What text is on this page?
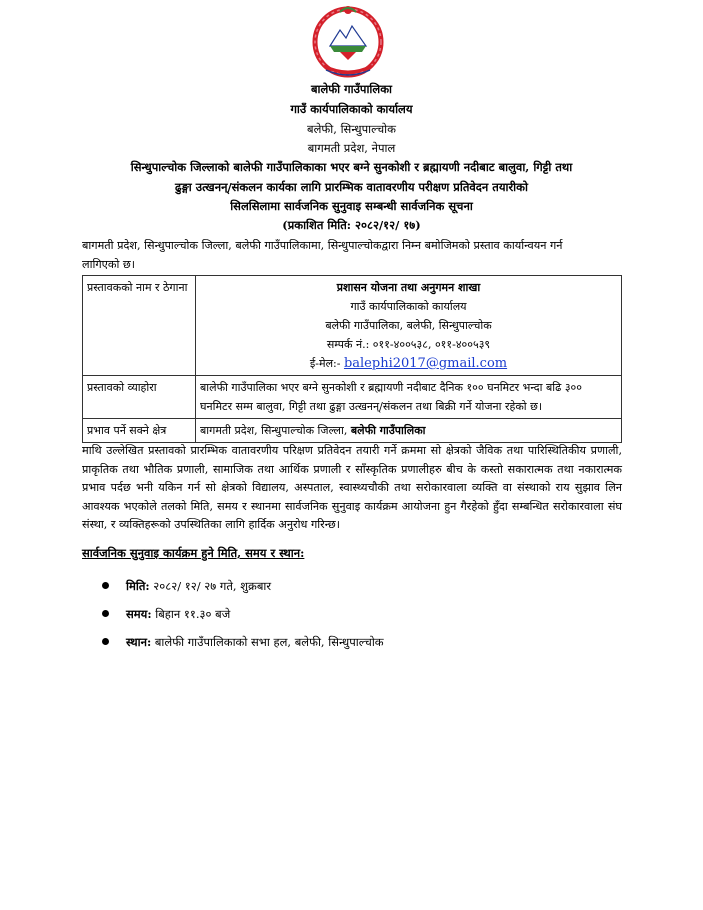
बालेफी गाउँपालिका
गाउँ कार्यपालिकाको कार्यालय
बलेफी, सिन्धुपाल्चोक
बागमती प्रदेश, नेपाल
सिन्धुपाल्चोक जिल्लाको बालेफी गाउँपालिकाका भएर बग्ने सुनकोशी र ब्रह्मायणी नदीबाट बालुवा, गिट्टी तथा
ढुङ्गा उत्खनन्/संकलन कार्यका लागि प्रारम्भिक वातावरणीय परीक्षण प्रतिवेदन तयारीको
सिलसिलामा सार्वजनिक सुनुवाइ सम्बन्धी सार्वजनिक सूचना
(प्रकाशित मिति: २०८२/१२/ १७)
बागमती प्रदेश, सिन्धुपाल्चोक जिल्ला, बलेफी गाउँपालिकामा, सिन्धुपाल्चोकद्वारा निम्न बमोजिमको प्रस्ताव कार्यान्वयन गर्न
लागिएको छ।
प्रस्तावकको नाम र ठेगाना	प्रशासन योजना तथा अनुगमन शाखा
गाउँ कार्यपालिकाको कार्यालय
बलेफी गाउँपालिका, बलेफी, सिन्धुपाल्चोक
सम्पर्क नं.: ०११-४००५३८, ०११-४००५३९
ई-मेल:- balephi2017@gmail.com

प्रस्तावको व्याहोरा	बालेफी गाउँपालिका भएर बग्ने सुनकोशी र ब्रह्मायणी नदीबाट दैनिक १०० घनमिटर भन्दा बढि ३०० घनमिटर सम्म बालुवा, गिट्टी तथा ढुङ्गा उत्खनन्/संकलन तथा बिक्री गर्ने योजना रहेको छ।
प्रभाव पर्ने सक्ने क्षेत्र	बागमती प्रदेश, सिन्धुपाल्चोक जिल्ला, बलेफी गाउँपालिका
माथि उल्लेखित प्रस्तावको प्रारम्भिक वातावरणीय परिक्षण प्रतिवेदन तयारी गर्ने क्रममा सो क्षेत्रको जैविक तथा पारिस्थितिकीय प्रणाली, प्राकृतिक तथा भौतिक प्रणाली, सामाजिक तथा आर्थिक प्रणाली र साँस्कृतिक प्रणालीहरु बीच के कस्तो सकारात्मक तथा नकारात्मक प्रभाव पर्दछ भनी यकिन गर्न सो क्षेत्रको विद्यालय, अस्पताल, स्वास्थ्यचौकी तथा सरोकारवाला व्यक्ति वा संस्थाको राय सुझाव लिन आवश्यक भएकोले तलको मिति, समय र स्थानमा सार्वजनिक सुनुवाइ कार्यक्रम आयोजना हुन गैरहेको हुँदा सम्बन्धित सरोकारवाला संघ संस्था, र व्यक्तिहरूको उपस्थितिका लागि हार्दिक अनुरोध गरिन्छ।
सार्वजनिक सुनुवाइ कार्यक्रम हुने मिति, समय र स्थान:
मिति: २०८२/ १२/ २७ गते, शुक्रबार
समय: बिहान ११.३० बजे
स्थान: बालेफी गाउँपालिकाको सभा हल, बलेफी, सिन्धुपाल्चोक
